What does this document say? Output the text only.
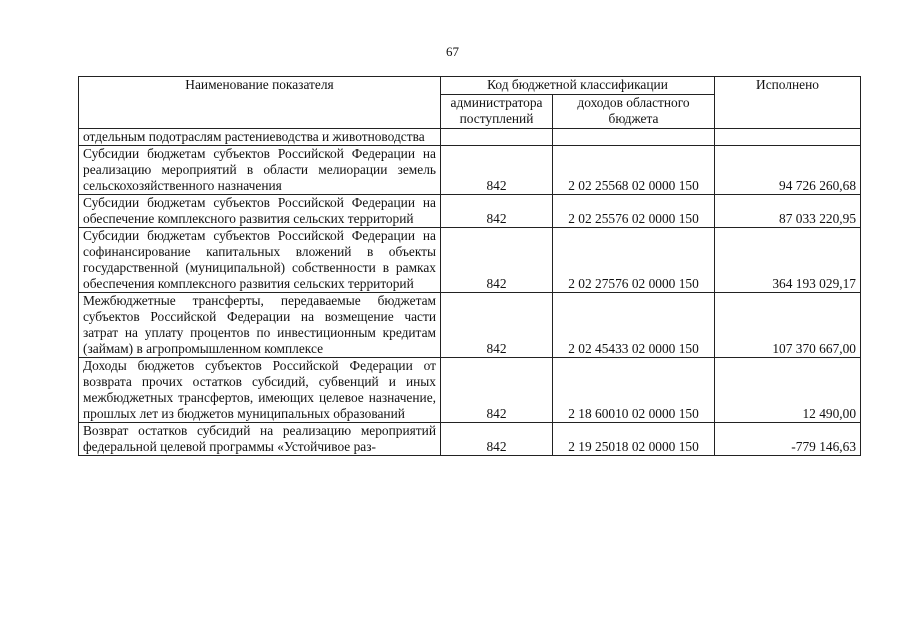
67
Наименование показателя	Код бюджетной классификации		Исполнено
	администратора поступлений	доходов областного бюджета	
отдельным подотраслям растениеводства и животноводства			
Субсидии бюджетам субъектов Российской Федерации на реализацию мероприятий в области мелиорации земель сельскохозяйственного назначения	842	2 02 25568 02 0000 150	94 726 260,68
Субсидии бюджетам субъектов Российской Федерации на обеспечение комплексного развития сельских территорий	842	2 02 25576 02 0000 150	87 033 220,95
Субсидии бюджетам субъектов Российской Федерации на софинансирование капитальных вложений в объекты государственной (муниципальной) собственности в рамках обеспечения комплексного развития сельских территорий	842	2 02 27576 02 0000 150	364 193 029,17
Межбюджетные трансферты, передаваемые бюджетам субъектов Российской Федерации на возмещение части затрат на уплату процентов по инвестиционным кредитам (займам) в агропромышленном комплексе	842	2 02 45433 02 0000 150	107 370 667,00
Доходы бюджетов субъектов Российской Федерации от возврата прочих остатков субсидий, субвенций и иных межбюджетных трансфертов, имеющих целевое назначение, прошлых лет из бюджетов муниципальных образований	842	2 18 60010 02 0000 150	12 490,00
Возврат остатков субсидий на реализацию мероприятий федеральной целевой программы «Устойчивое раз-	842	2 19 25018 02 0000 150	-779 146,63
